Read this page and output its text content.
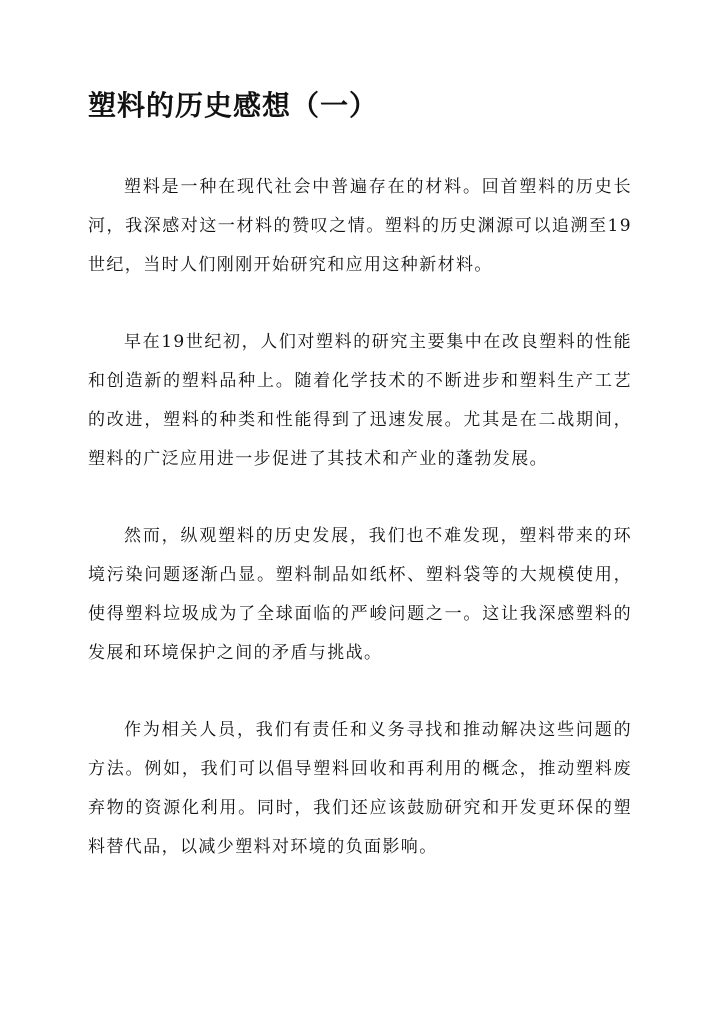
塑料的历史感想（一）

塑料是一种在现代社会中普遍存在的材料。回首塑料的历史长河，我深感对这一材料的赞叹之情。塑料的历史渊源可以追溯至19世纪，当时人们刚刚开始研究和应用这种新材料。

早在19世纪初，人们对塑料的研究主要集中在改良塑料的性能和创造新的塑料品种上。随着化学技术的不断进步和塑料生产工艺的改进，塑料的种类和性能得到了迅速发展。尤其是在二战期间，塑料的广泛应用进一步促进了其技术和产业的蓬勃发展。

然而，纵观塑料的历史发展，我们也不难发现，塑料带来的环境污染问题逐渐凸显。塑料制品如纸杯、塑料袋等的大规模使用，使得塑料垃圾成为了全球面临的严峻问题之一。这让我深感塑料的发展和环境保护之间的矛盾与挑战。

作为相关人员，我们有责任和义务寻找和推动解决这些问题的方法。例如，我们可以倡导塑料回收和再利用的概念，推动塑料废弃物的资源化利用。同时，我们还应该鼓励研究和开发更环保的塑料替代品，以减少塑料对环境的负面影响。
